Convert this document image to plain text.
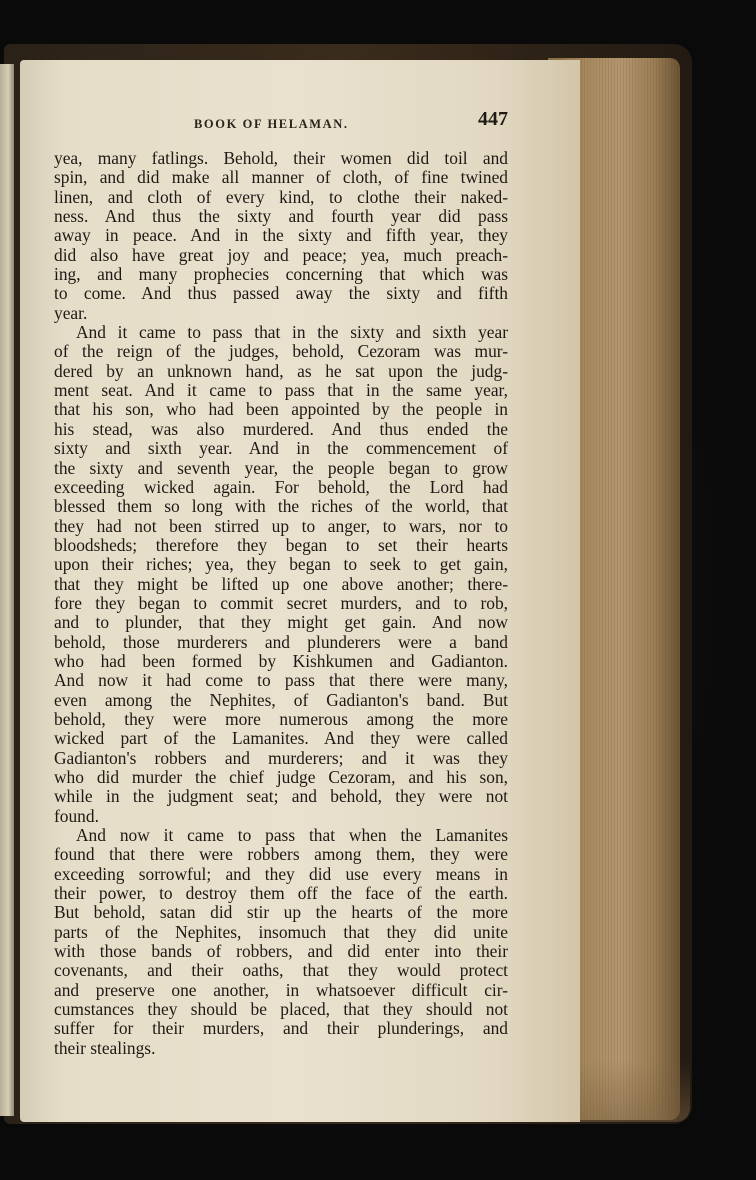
BOOK OF HELAMAN.	447

yea, many fatlings. Behold, their women did toil and

spin, and did make all manner of cloth, of fine twined

linen, and cloth of every kind, to clothe their naked-

ness. And thus the sixty and fourth year did pass

away in peace. And in the sixty and fifth year, they

did also have great joy and peace; yea, much preach-

ing, and many prophecies concerning that which was

to come. And thus passed away the sixty and fifth

year.

And it came to pass that in the sixty and sixth year

of the reign of the judges, behold, Cezoram was mur-

dered by an unknown hand, as he sat upon the judg-

ment seat. And it came to pass that in the same year,

that his son, who had been appointed by the people in

his stead, was also murdered. And thus ended the

sixty and sixth year. And in the commencement of

the sixty and seventh year, the people began to grow

exceeding wicked again. For behold, the Lord had

blessed them so long with the riches of the world, that

they had not been stirred up to anger, to wars, nor to

bloodsheds; therefore they began to set their hearts

upon their riches; yea, they began to seek to get gain,

that they might be lifted up one above another; there-

fore they began to commit secret murders, and to rob,

and to plunder, that they might get gain. And now

behold, those murderers and plunderers were a band

who had been formed by Kishkumen and Gadianton.

And now it had come to pass that there were many,

even among the Nephites, of Gadianton's band. But

behold, they were more numerous among the more

wicked part of the Lamanites. And they were called

Gadianton's robbers and murderers; and it was they

who did murder the chief judge Cezoram, and his son,

while in the judgment seat; and behold, they were not

found.

And now it came to pass that when the Lamanites

found that there were robbers among them, they were

exceeding sorrowful; and they did use every means in

their power, to destroy them off the face of the earth.

But behold, satan did stir up the hearts of the more

parts of the Nephites, insomuch that they did unite

with those bands of robbers, and did enter into their

covenants, and their oaths, that they would protect

and preserve one another, in whatsoever difficult cir-

cumstances they should be placed, that they should not

suffer for their murders, and their plunderings, and

their stealings.
